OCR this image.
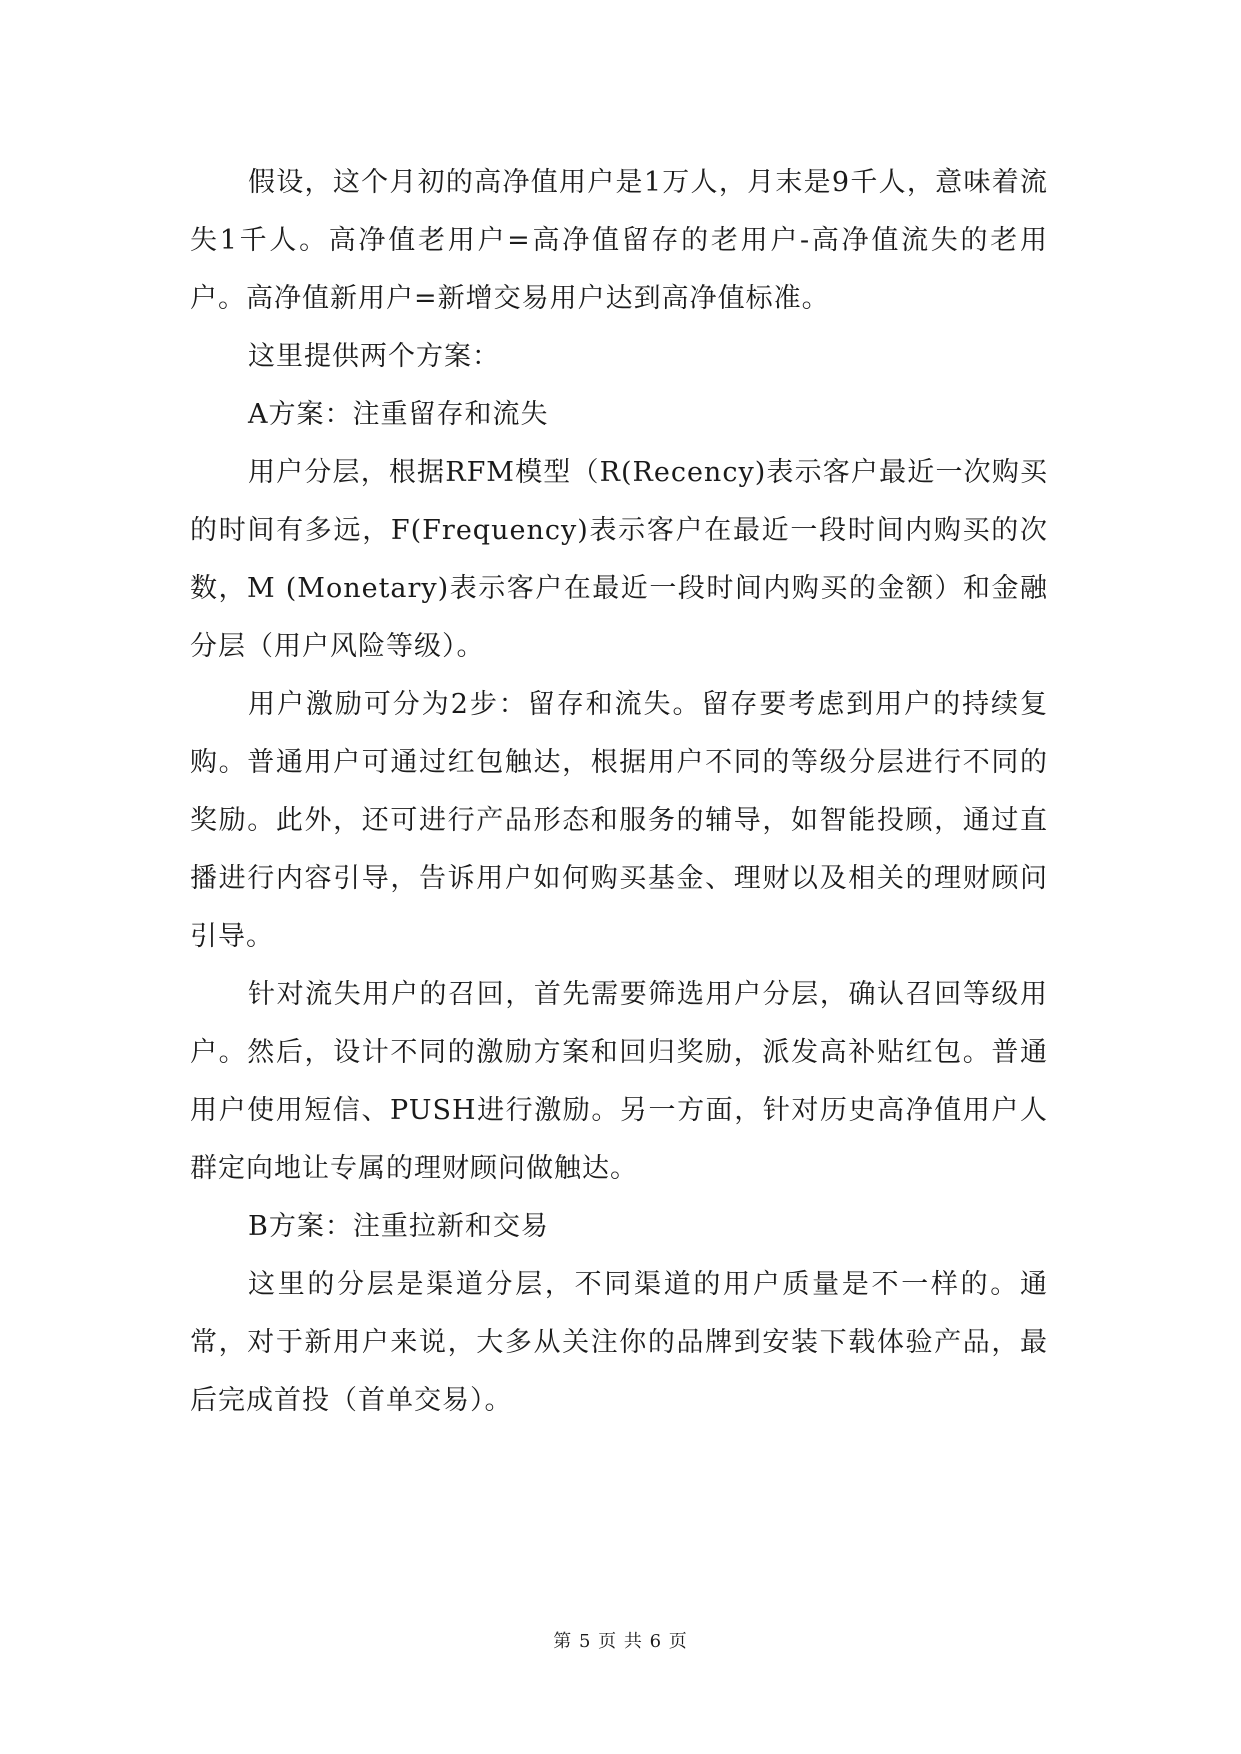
假设，这个月初的高净值用户是1万人，月末是9千人，意味着流失1千人。高净值老用户=高净值留存的老用户-高净值流失的老用户。高净值新用户=新增交易用户达到高净值标准。

这里提供两个方案：

A方案：注重留存和流失

用户分层，根据RFM模型（R(Recency)表示客户最近一次购买的时间有多远，F(Frequency)表示客户在最近一段时间内购买的次数，M (Monetary)表示客户在最近一段时间内购买的金额）和金融分层（用户风险等级）。

用户激励可分为2步：留存和流失。留存要考虑到用户的持续复购。普通用户可通过红包触达，根据用户不同的等级分层进行不同的奖励。此外，还可进行产品形态和服务的辅导，如智能投顾，通过直播进行内容引导，告诉用户如何购买基金、理财以及相关的理财顾问引导。

针对流失用户的召回，首先需要筛选用户分层，确认召回等级用户。然后，设计不同的激励方案和回归奖励，派发高补贴红包。普通用户使用短信、PUSH进行激励。另一方面，针对历史高净值用户人群定向地让专属的理财顾问做触达。

B方案：注重拉新和交易

这里的分层是渠道分层，不同渠道的用户质量是不一样的。通常，对于新用户来说，大多从关注你的品牌到安装下载体验产品，最后完成首投（首单交易）。

第 5 页 共 6 页
